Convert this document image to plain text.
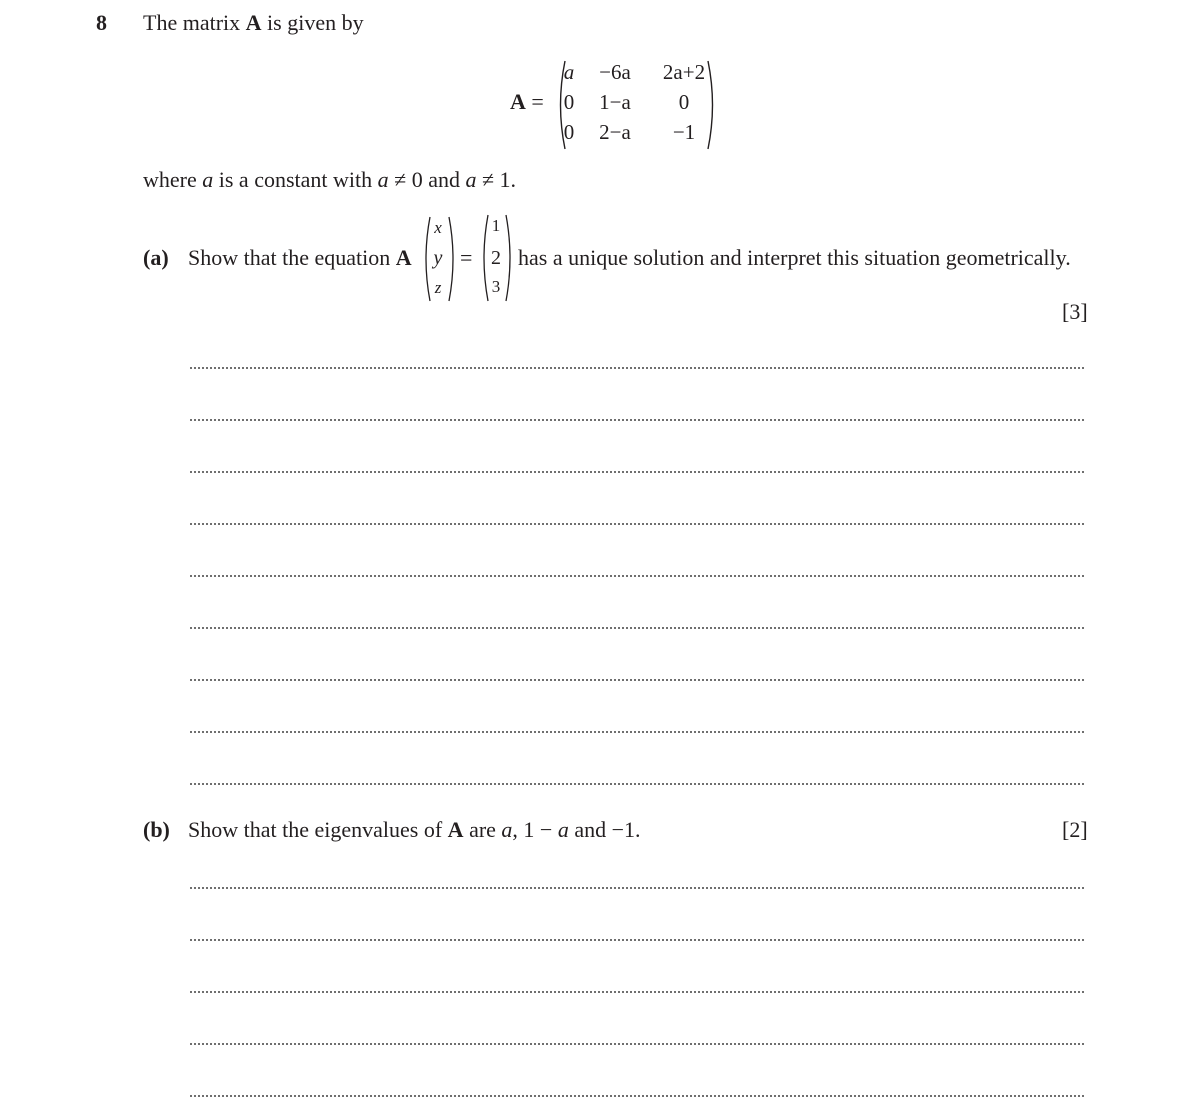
8 The matrix A is given by
A =
a	−6a	2a+2
0	1−a	0
0	2−a	−1
where a is a constant with a ≠ 0 and a ≠ 1.
(a) Show that the equation A
x
y
z
=
1
2
3
has a unique solution and interpret this situation geometrically.
[3]
(b) Show that the eigenvalues of A are a, 1 − a and −1.	[2]
